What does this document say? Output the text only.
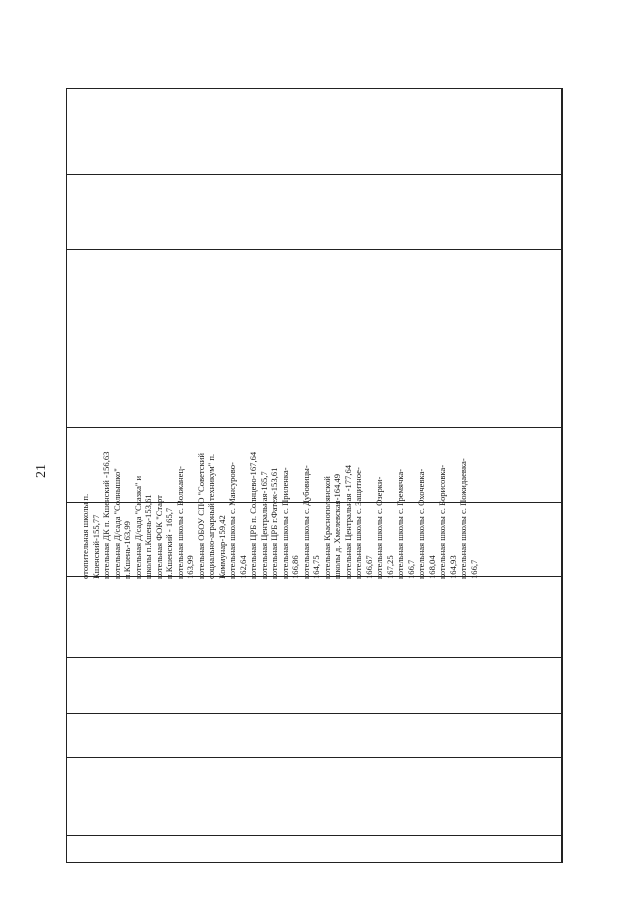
21
отопительная школы п. Кшенский-155,77 котельная ДК п. Кшенский -156,63 котельная Д/сада "Солнышко" п.Кшень-163,99 котельная Д/сада "Сказка" и школы п.Кшень-153,61 котельная ФОК "Старт п.Кшенский - 165,7 котельная школы с. Волжанец- 163,99 котельная ОБОУ СПО "Советский социально-аграрный техникум" п. Коммунар-159,42 котельная школы с. Мансурово- 162,64 котельная ЦРБ п. Солнцево-167,64 котельная Центральная-165,7 котельная ЦРБ г.Фатеж-153,61 котельная школы с. Приленка- 166,86 котельная школы с. Дубовицы- 164,75 котельная Краснополянской школы д. Хмелевская-164,49 котельная Центральная -177,64 котельная школы с. Защитное- 166,67 котельная школы с. Озерки- 167,25 котельная школы с. Гремячка- 166,7 котельная школы с. Охочевка- 168,04 котельная школы с. Борисовка- 164,93 котельная школы с. Пожидаевка- 166,7
